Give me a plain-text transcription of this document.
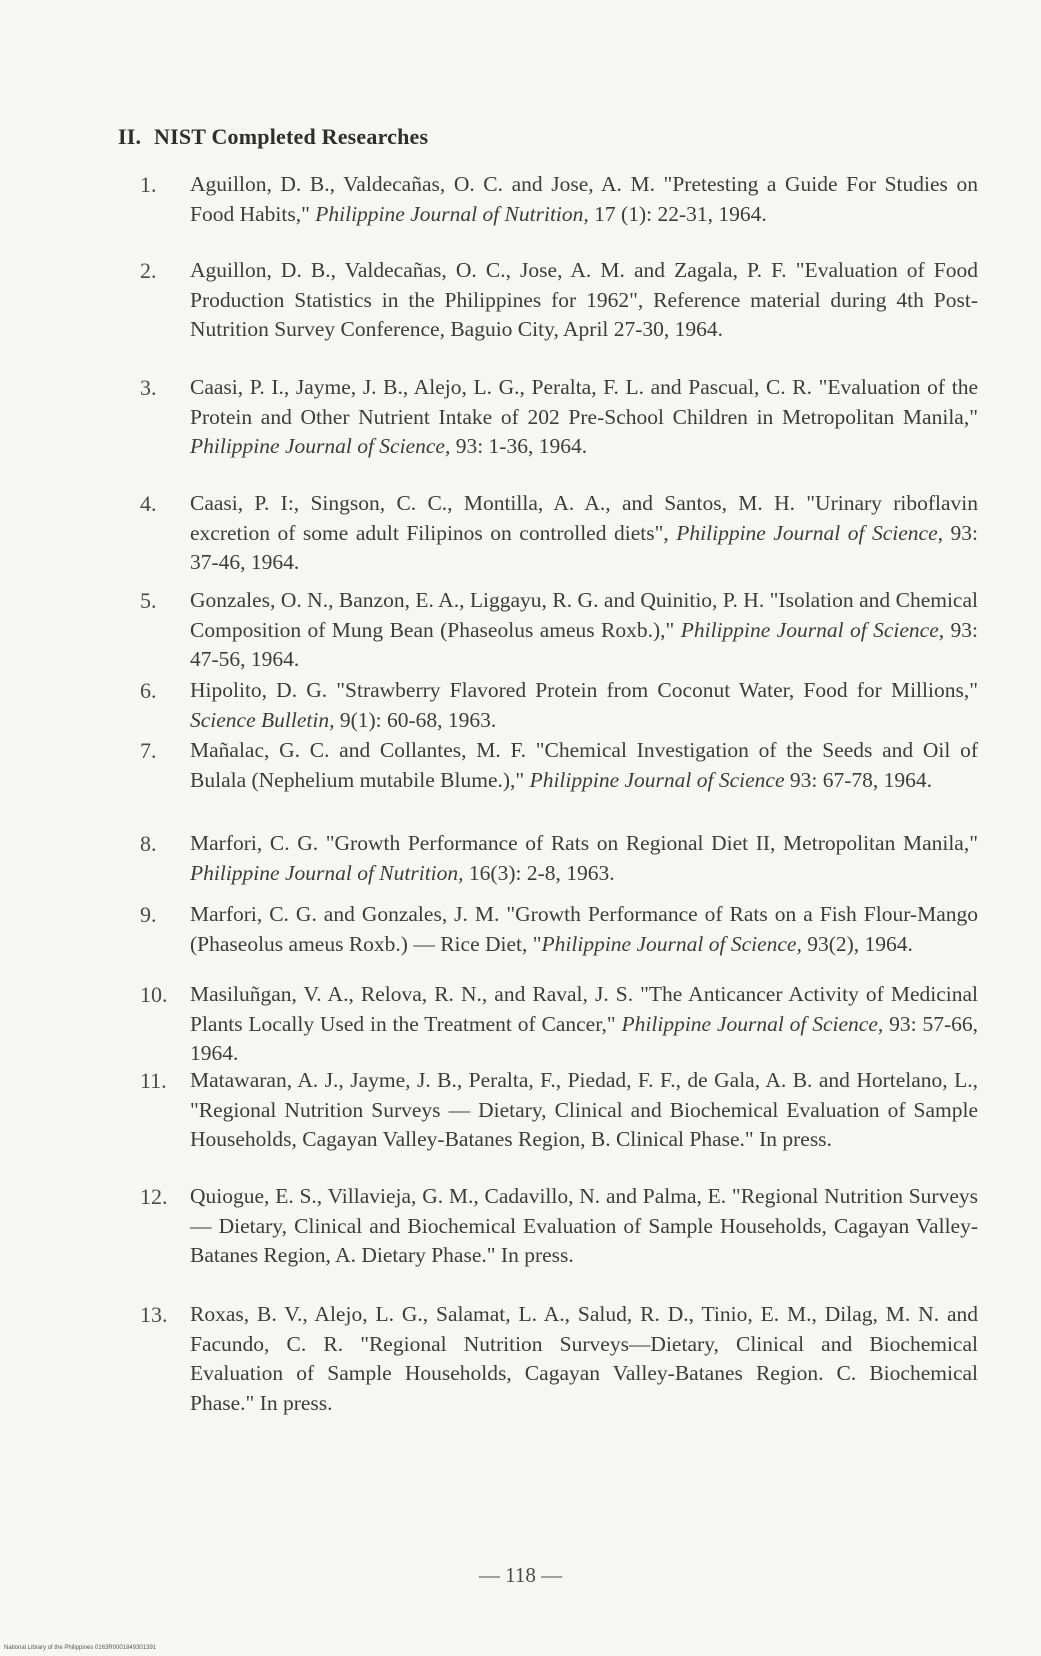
II. NIST Completed Researches
1.	Aguillon, D. B., Valdecañas, O. C. and Jose, A. M. "Pretesting a Guide For Studies on Food Habits," Philippine Journal of Nutrition, 17 (1): 22-31, 1964.
2.	Aguillon, D. B., Valdecañas, O. C., Jose, A. M. and Zagala, P. F. "Evaluation of Food Production Statistics in the Philippines for 1962", Reference material during 4th Post-Nutrition Survey Conference, Baguio City, April 27-30, 1964.
3.	Caasi, P. I., Jayme, J. B., Alejo, L. G., Peralta, F. L. and Pascual, C. R. "Evaluation of the Protein and Other Nutrient Intake of 202 Pre-School Children in Metropolitan Manila," Philippine Journal of Science, 93: 1-36, 1964.
4.	Caasi, P. I:, Singson, C. C., Montilla, A. A., and Santos, M. H. "Urinary riboflavin excretion of some adult Filipinos on controlled diets", Philippine Journal of Science, 93: 37-46, 1964.
5.	Gonzales, O. N., Banzon, E. A., Liggayu, R. G. and Quinitio, P. H. "Isolation and Chemical Composition of Mung Bean (Phaseolus ameus Roxb.)," Philippine Journal of Science, 93: 47-56, 1964.
6.	Hipolito, D. G. "Strawberry Flavored Protein from Coconut Water, Food for Millions," Science Bulletin, 9(1): 60-68, 1963.
7.	Mañalac, G. C. and Collantes, M. F. "Chemical Investigation of the Seeds and Oil of Bulala (Nephelium mutabile Blume.)," Philippine Journal of Science 93: 67-78, 1964.
8.	Marfori, C. G. "Growth Performance of Rats on Regional Diet II, Metropolitan Manila," Philippine Journal of Nutrition, 16(3): 2-8, 1963.
9.	Marfori, C. G. and Gonzales, J. M. "Growth Performance of Rats on a Fish Flour-Mango (Phaseolus ameus Roxb.) — Rice Diet, "Philippine Journal of Science, 93(2), 1964.
10.	Masiluñgan, V. A., Relova, R. N., and Raval, J. S. "The Anticancer Activity of Medicinal Plants Locally Used in the Treatment of Cancer," Philippine Journal of Science, 93: 57-66, 1964.
11.	Matawaran, A. J., Jayme, J. B., Peralta, F., Piedad, F. F., de Gala, A. B. and Hortelano, L., "Regional Nutrition Surveys — Dietary, Clinical and Biochemical Evaluation of Sample Households, Cagayan Valley-Batanes Region, B. Clinical Phase." In press.
12.	Quiogue, E. S., Villavieja, G. M., Cadavillo, N. and Palma, E. "Regional Nutrition Surveys — Dietary, Clinical and Biochemical Evaluation of Sample Households, Cagayan Valley-Batanes Region, A. Dietary Phase." In press.
13.	Roxas, B. V., Alejo, L. G., Salamat, L. A., Salud, R. D., Tinio, E. M., Dilag, M. N. and Facundo, C. R. "Regional Nutrition Surveys—Dietary, Clinical and Biochemical Evaluation of Sample Households, Cagayan Valley-Batanes Region. C. Biochemical Phase." In press.
— 118 —
National Library of the Philippines 0163R0001849301391
